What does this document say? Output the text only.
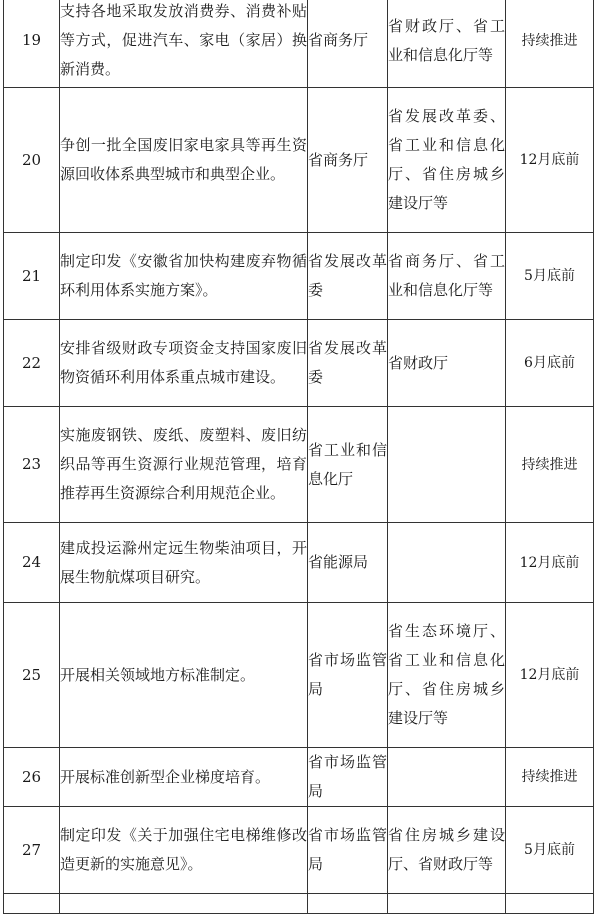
19	支持各地采取发放消费券、消费补贴等方式，促进汽车、家电（家居）换新消费。	省商务厅	省财政厅、省工业和信息化厅等	持续推进
20	争创一批全国废旧家电家具等再生资源回收体系典型城市和典型企业。	省商务厅	省发展改革委、省工业和信息化厅、省住房城乡建设厅等	12月底前
21	制定印发《安徽省加快构建废弃物循环利用体系实施方案》。	省发展改革委	省商务厅、省工业和信息化厅等	5月底前
22	安排省级财政专项资金支持国家废旧物资循环利用体系重点城市建设。	省发展改革委	省财政厅	6月底前
23	实施废钢铁、废纸、废塑料、废旧纺织品等再生资源行业规范管理，培育推荐再生资源综合利用规范企业。	省工业和信息化厅		持续推进
24	建成投运滁州定远生物柴油项目，开展生物航煤项目研究。	省能源局		12月底前
25	开展相关领域地方标准制定。	省市场监管局	省生态环境厅、省工业和信息化厅、省住房城乡建设厅等	12月底前
26	开展标准创新型企业梯度培育。	省市场监管局		持续推进
27	制定印发《关于加强住宅电梯维修改造更新的实施意见》。	省市场监管局	省住房城乡建设厅、省财政厅等	5月底前
